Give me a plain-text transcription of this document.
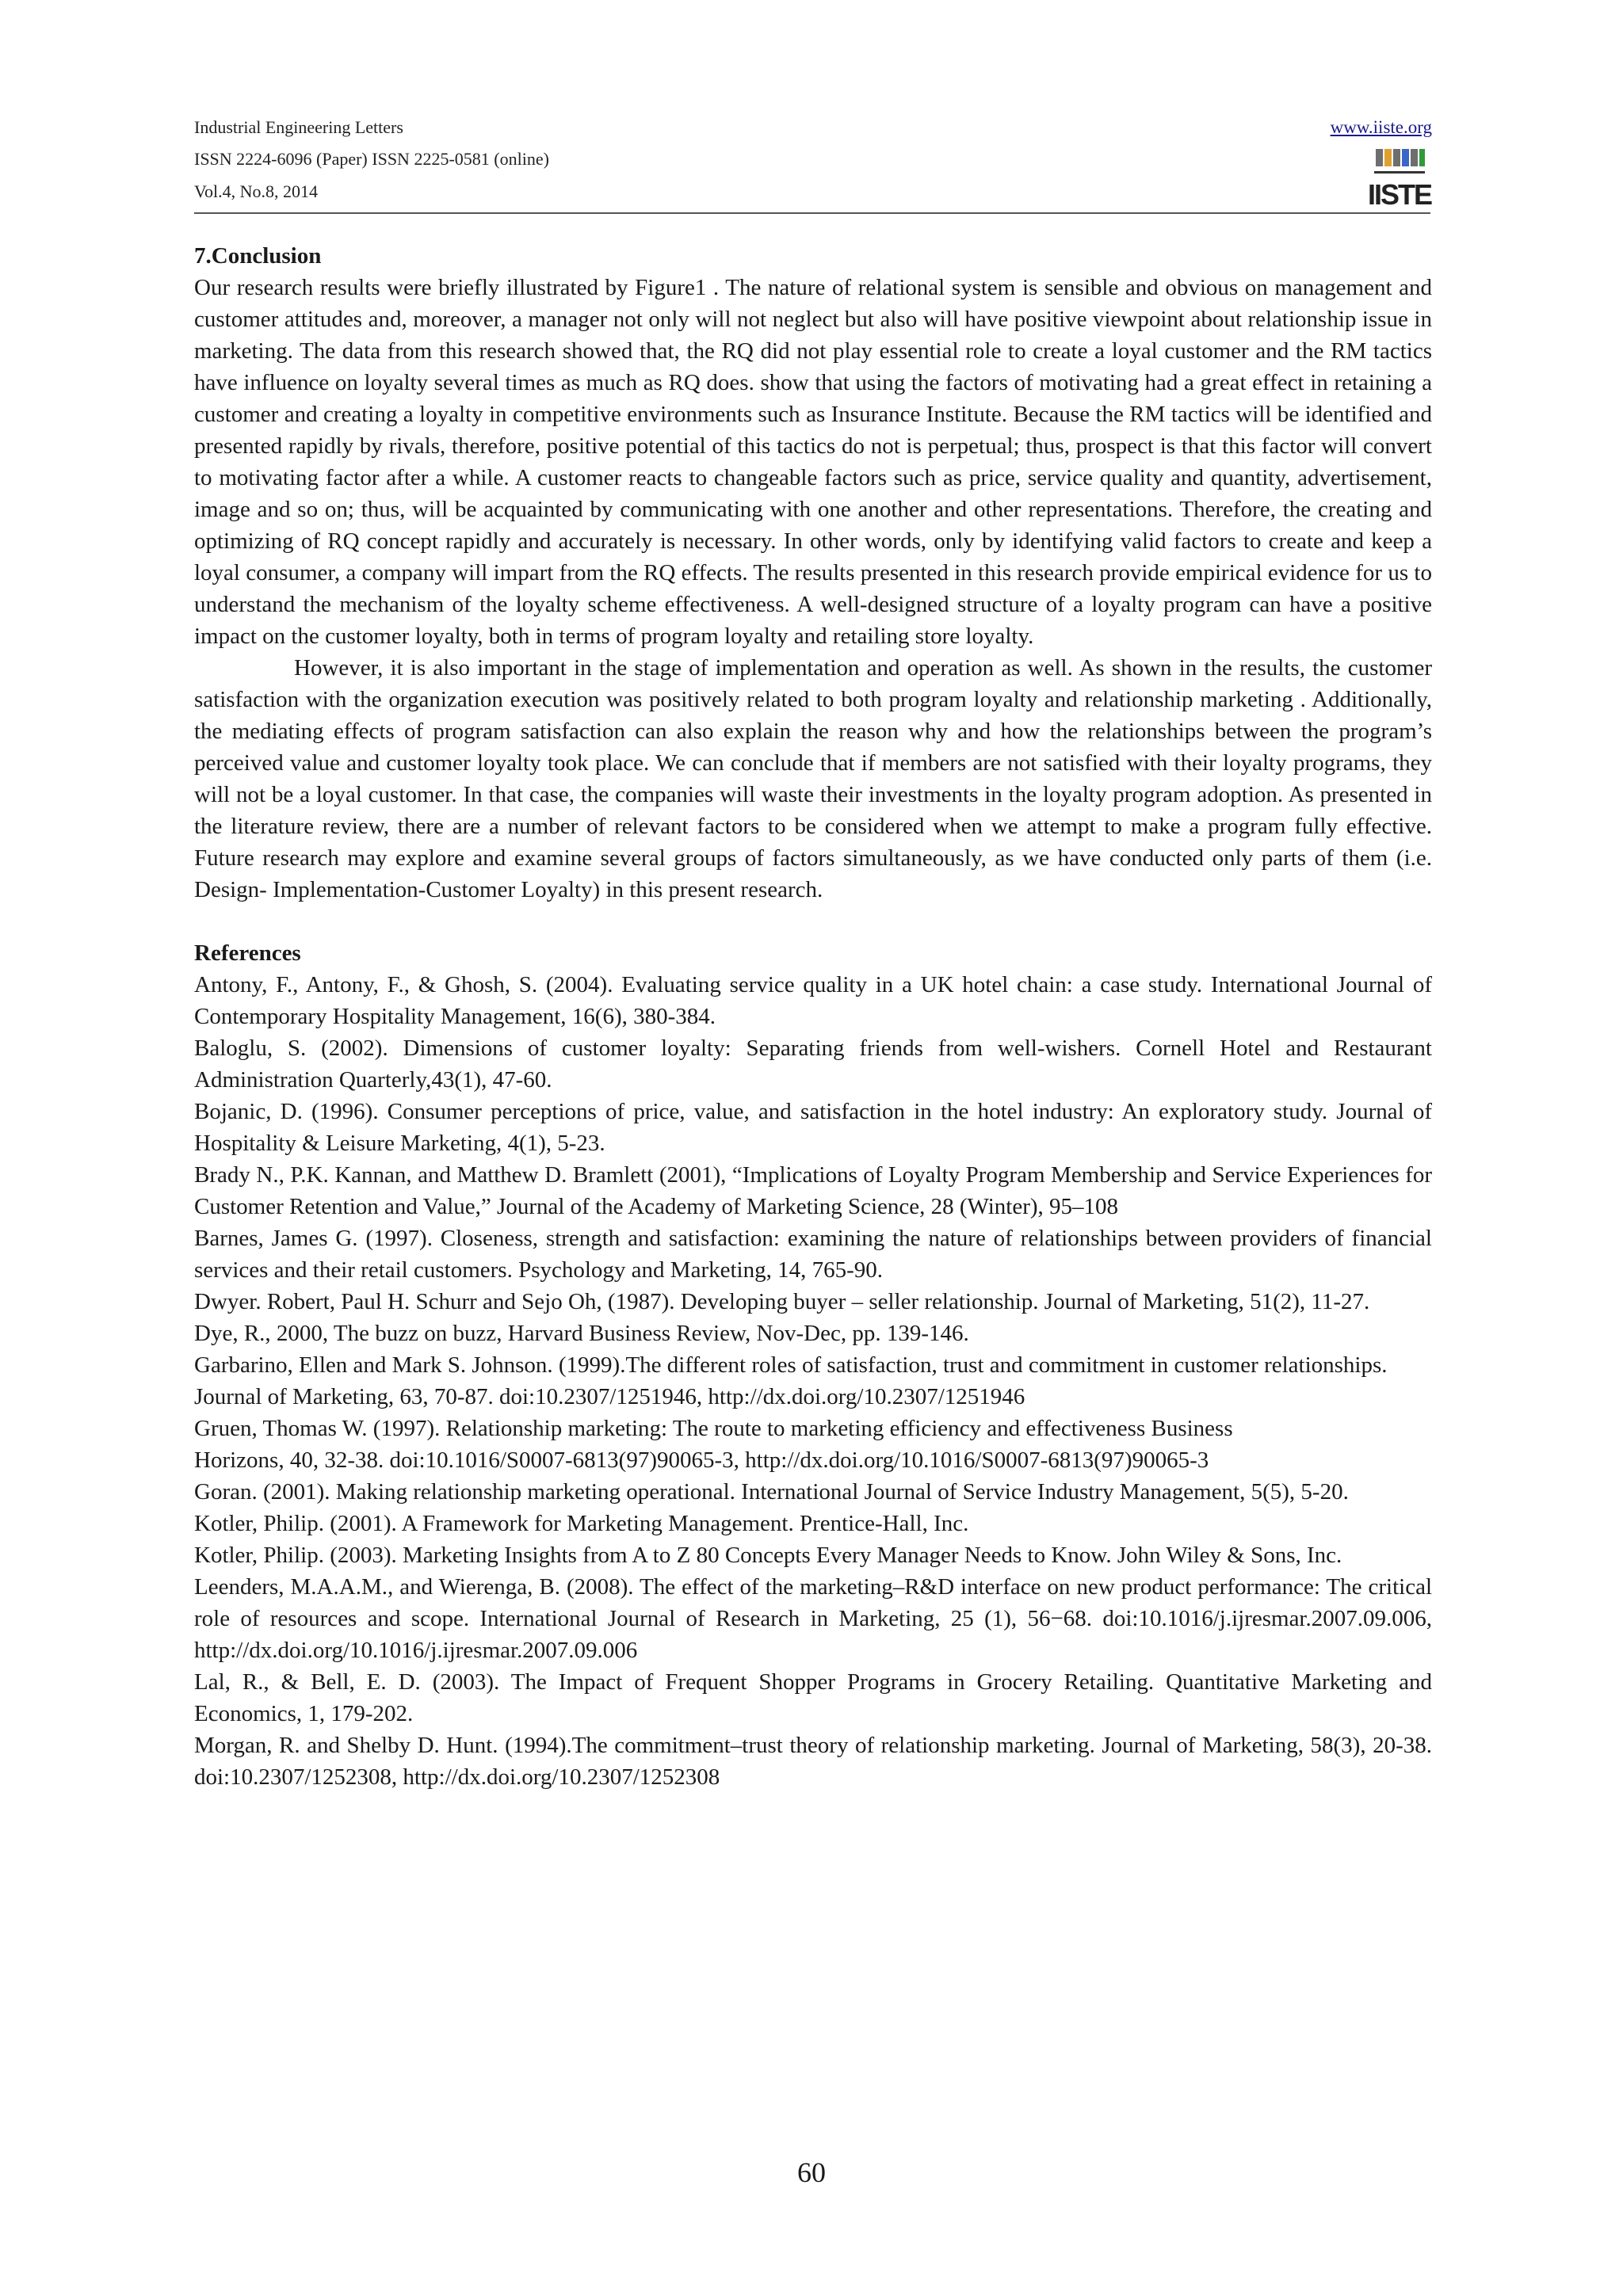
Industrial Engineering Letters
ISSN 2224-6096 (Paper) ISSN 2225-0581 (online)
Vol.4, No.8, 2014
www.iiste.org
IISTE
7.Conclusion

Our research results were briefly illustrated by Figure1 . The nature of relational system is sensible and obvious on management and customer attitudes and, moreover, a manager not only will not neglect but also will have positive viewpoint about relationship issue in marketing. The data from this research showed that, the RQ did not play essential role to create a loyal customer and the RM tactics have influence on loyalty several times as much as RQ does. show that using the factors of motivating had a great effect in retaining a customer and creating a loyalty in competitive environments such as Insurance Institute. Because the RM tactics will be identified and presented rapidly by rivals, therefore, positive potential of this tactics do not is perpetual; thus, prospect is that this factor will convert to motivating factor after a while. A customer reacts to changeable factors such as price, service quality and quantity, advertisement, image and so on; thus, will be acquainted by communicating with one another and other representations. Therefore, the creating and optimizing of RQ concept rapidly and accurately is necessary. In other words, only by identifying valid factors to create and keep a loyal consumer, a company will impart from the RQ effects. The results presented in this research provide empirical evidence for us to understand the mechanism of the loyalty scheme effectiveness. A well-designed structure of a loyalty program can have a positive impact on the customer loyalty, both in terms of program loyalty and retailing store loyalty.

However, it is also important in the stage of implementation and operation as well. As shown in the results, the customer satisfaction with the organization execution was positively related to both program loyalty and relationship marketing . Additionally, the mediating effects of program satisfaction can also explain the reason why and how the relationships between the program’s perceived value and customer loyalty took place. We can conclude that if members are not satisfied with their loyalty programs, they will not be a loyal customer. In that case, the companies will waste their investments in the loyalty program adoption. As presented in the literature review, there are a number of relevant factors to be considered when we attempt to make a program fully effective. Future research may explore and examine several groups of factors simultaneously, as we have conducted only parts of them (i.e. Design- Implementation-Customer Loyalty) in this present research.

References

Antony, F., Antony, F., & Ghosh, S. (2004). Evaluating service quality in a UK hotel chain: a case study. International Journal of Contemporary Hospitality Management, 16(6), 380-384.

Baloglu, S. (2002). Dimensions of customer loyalty: Separating friends from well-wishers. Cornell Hotel and Restaurant Administration Quarterly,43(1), 47-60.

Bojanic, D. (1996). Consumer perceptions of price, value, and satisfaction in the hotel industry: An exploratory study. Journal of Hospitality & Leisure Marketing, 4(1), 5-23.

Brady N., P.K. Kannan, and Matthew D. Bramlett (2001), “Implications of Loyalty Program Membership and Service Experiences for Customer Retention and Value,” Journal of the Academy of Marketing Science, 28 (Winter), 95–108

Barnes, James G. (1997). Closeness, strength and satisfaction: examining the nature of relationships between providers of financial services and their retail customers. Psychology and Marketing, 14, 765-90.

Dwyer. Robert, Paul H. Schurr and Sejo Oh, (1987). Developing buyer – seller relationship. Journal of Marketing, 51(2), 11-27.

Dye, R., 2000, The buzz on buzz, Harvard Business Review, Nov-Dec, pp. 139-146.

Garbarino, Ellen and Mark S. Johnson. (1999).The different roles of satisfaction, trust and commitment in customer relationships. Journal of Marketing, 63, 70-87. doi:10.2307/1251946, http://dx.doi.org/10.2307/1251946

Gruen, Thomas W. (1997). Relationship marketing: The route to marketing efficiency and effectiveness Business

Horizons, 40, 32-38. doi:10.1016/S0007-6813(97)90065-3, http://dx.doi.org/10.1016/S0007-6813(97)90065-3

Goran. (2001). Making relationship marketing operational. International Journal of Service Industry Management, 5(5), 5-20.

Kotler, Philip. (2001). A Framework for Marketing Management. Prentice-Hall, Inc.

Kotler, Philip. (2003). Marketing Insights from A to Z 80 Concepts Every Manager Needs to Know. John Wiley & Sons, Inc.

Leenders, M.A.A.M., and Wierenga, B. (2008). The effect of the marketing–R&D interface on new product performance: The critical role of resources and scope. International Journal of Research in Marketing, 25 (1), 56−68. doi:10.1016/j.ijresmar.2007.09.006, http://dx.doi.org/10.1016/j.ijresmar.2007.09.006

Lal, R., & Bell, E. D. (2003). The Impact of Frequent Shopper Programs in Grocery Retailing. Quantitative Marketing and Economics, 1, 179-202.

Morgan, R. and Shelby D. Hunt. (1994).The commitment–trust theory of relationship marketing. Journal of Marketing, 58(3), 20-38. doi:10.2307/1252308, http://dx.doi.org/10.2307/1252308

60
